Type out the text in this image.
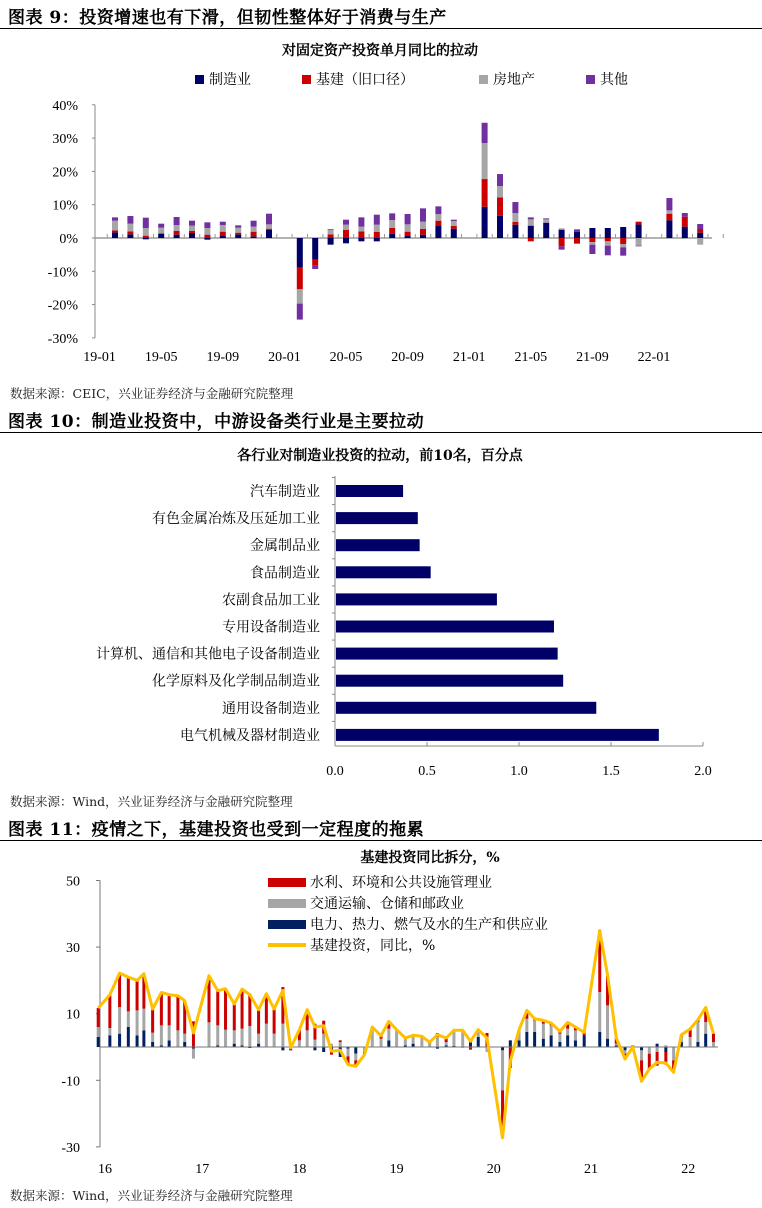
-30%
-20%
-10%
0%
10%
20%
30%
40%
19-01 19-05 19-09 20-01 20-05 20-09 21-01 21-05 21-09 22-01
0.0	0.5	1.0	1.5	2.0
汽车制造业
有色金属冶炼及压延加工业
金属制品业
食品制造业
农副食品加工业
专用设备制造业
计算机、通信和其他电子设备制造业
化学原料及化学制品制造业
通用设备制造业
电气机械及器材制造业
-30
-10
10
30
50
16	17	18	19	20	21	22
图表 9：投资增速也有下滑，但韧性整体好于消费与生产
对固定资产投资单月同比的拉动
制造业	基建（旧口径）	房地产	其他
数据来源：CEIC，兴业证券经济与金融研究院整理
图表 10：制造业投资中，中游设备类行业是主要拉动
各行业对制造业投资的拉动，前10名，百分点
数据来源：Wind，兴业证券经济与金融研究院整理
图表 11：疫情之下，基建投资也受到一定程度的拖累
基建投资同比拆分，%
水利、环境和公共设施管理业
交通运输、仓储和邮政业
电力、热力、燃气及水的生产和供应业
基建投资，同比，%
数据来源：Wind，兴业证券经济与金融研究院整理
